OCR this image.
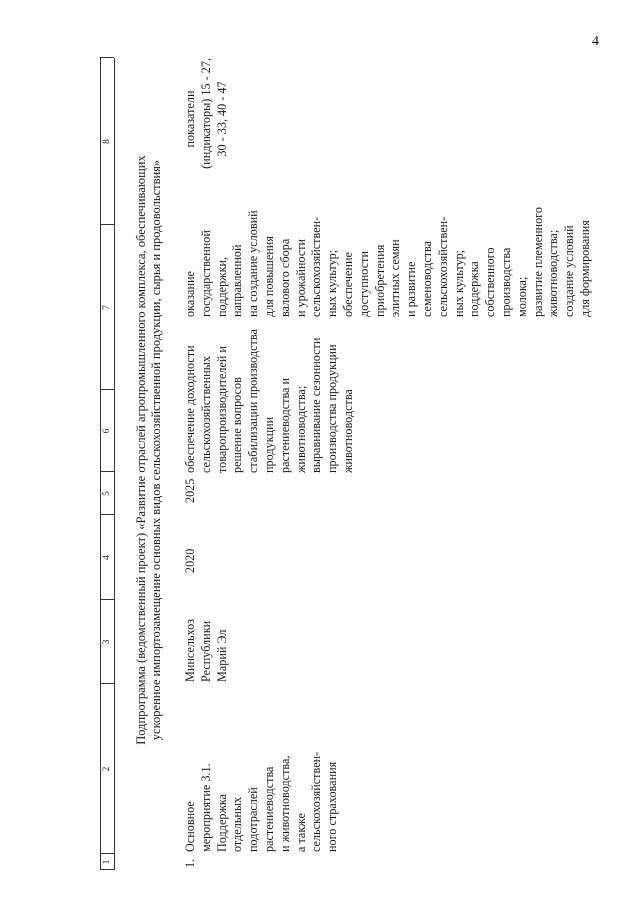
4
1
2
3
4
5
6
7
8
Подпрограмма (ведомственный проект) «Развитие отраслей агропромышленного комплекса, обеспечивающих ускоренное импортозамещение основных видов сельскохозяйственной продукции, сырья и продовольствия»
1.
Основное мероприятие 3.1. Поддержка отдельных подотраслей растениеводства и животноводства, а также сельскохозяйствен- ного страхования
Минсельхоз Республики Марий Эл
2020
2025
обеспечение доходности сельскохозяйственных товаропроизводителей и решение вопросов стабилизации производства продукции растениеводства и животноводства; выравнивание сезонности производства продукции животноводства
оказание государственной поддержки, направленной на создание условий для повышения валового сбора и урожайности сельскохозяйствен- ных культур; обеспечение доступности приобретения элитных семян и развитие семеноводства сельскохозяйствен- ных культур; поддержка собственного производства молока; развитие племенного животноводства; создание условий для формирования
показатели (индикаторы) 15 - 27, 30 - 33, 40 - 47
